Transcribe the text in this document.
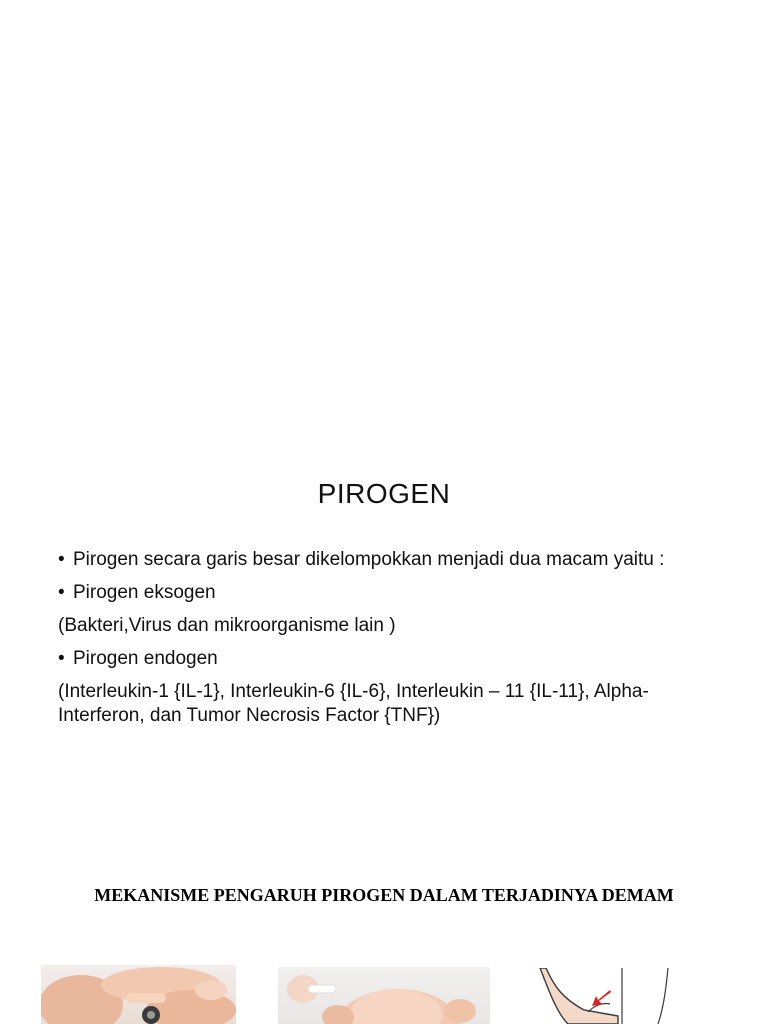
PIROGEN
• Pirogen secara garis besar dikelompokkan menjadi dua macam yaitu :
• Pirogen eksogen
(Bakteri,Virus dan mikroorganisme lain )
• Pirogen endogen
(Interleukin-1 {IL-1}, Interleukin-6 {IL-6}, Interleukin – 11 {IL-11}, Alpha-Interferon, dan Tumor Necrosis Factor {TNF})
MEKANISME PENGARUH PIROGEN DALAM TERJADINYA DEMAM
